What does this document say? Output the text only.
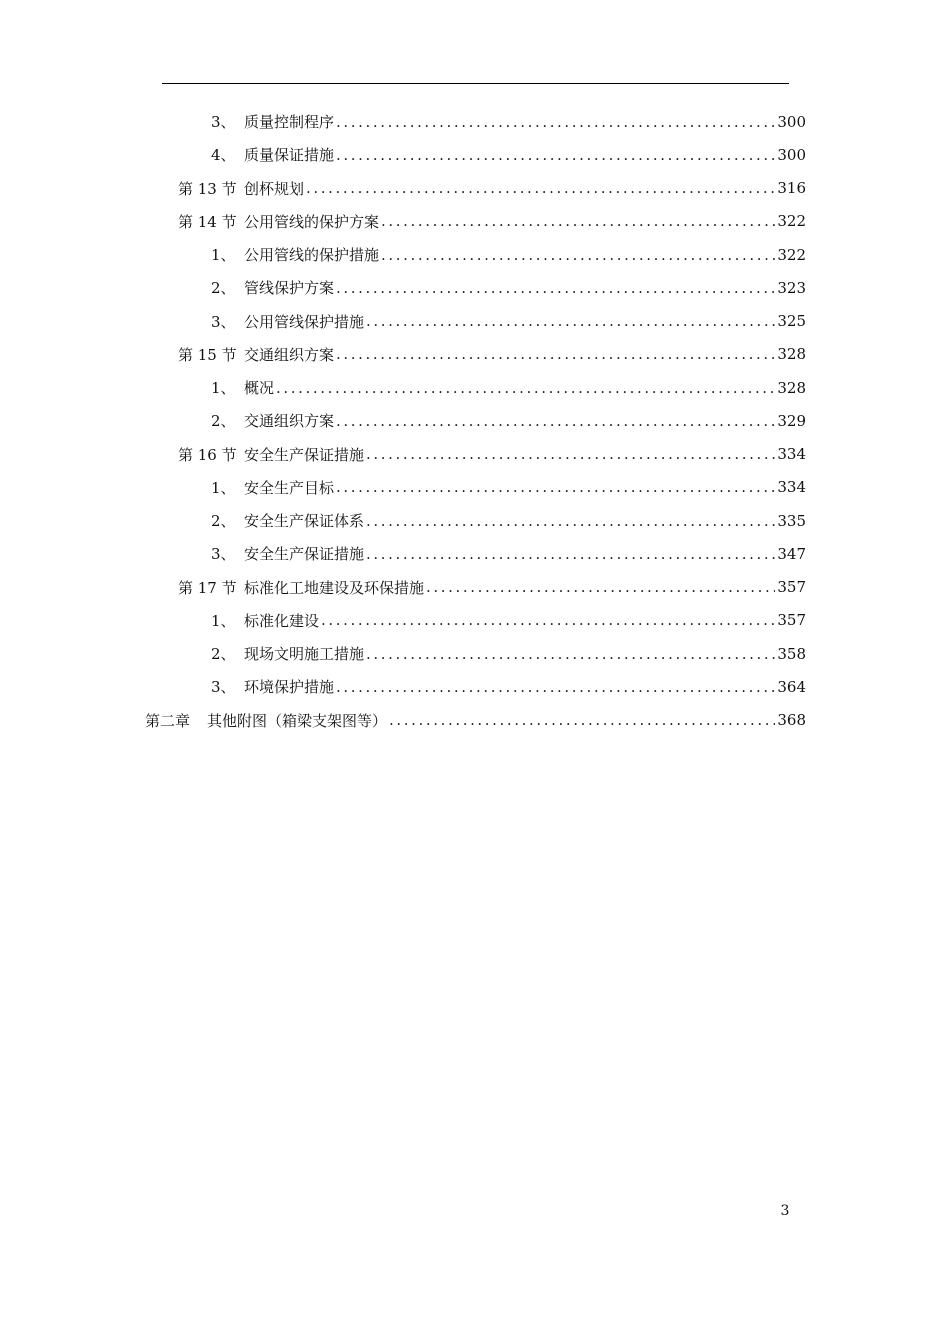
3、 质量控制程序 .....	300
4、 质量保证措施 .....	300
第 13 节 创杯规划 .....	316
第 14 节 公用管线的保护方案 .....	322
1、 公用管线的保护措施 .....	322
2、 管线保护方案 .....	323
3、 公用管线保护措施 .....	325
第 15 节 交通组织方案 .....	328
1、 概况 .....	328
2、 交通组织方案 .....	329
第 16 节 安全生产保证措施 .....	334
1、 安全生产目标 .....	334
2、 安全生产保证体系 .....	335
3、 安全生产保证措施 .....	347
第 17 节 标准化工地建设及环保措施 .....	357
1、 标准化建设 .....	357
2、 现场文明施工措施 .....	358
3、 环境保护措施 .....	364
第二章	其他附图（箱梁支架图等） .....	368
3
